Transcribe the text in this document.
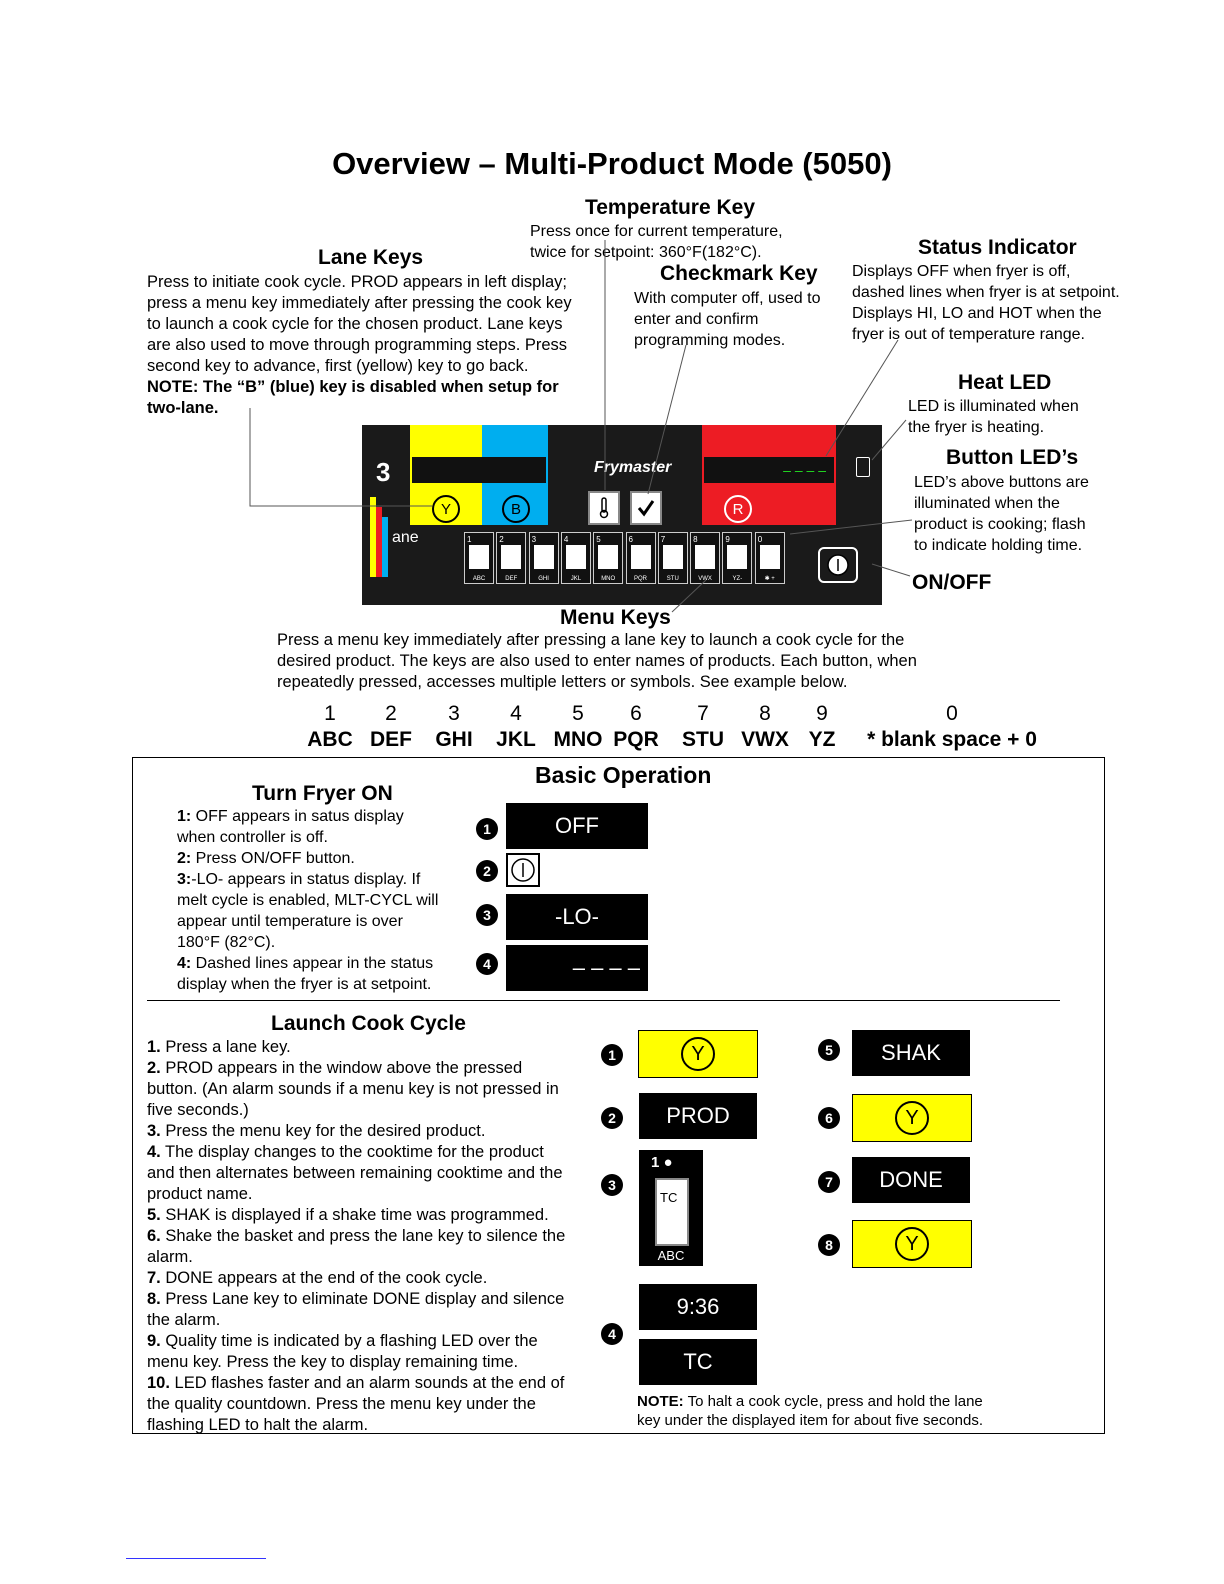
Overview – Multi-Product Mode (5050)
Temperature Key
Press once for current temperature,
twice for setpoint: 360°F(182°C).
Lane Keys
Press to initiate cook cycle. PROD appears in left display;
press a menu key immediately after pressing the cook key
to launch a cook cycle for the chosen product. Lane keys
are also used to move through programming steps. Press
second key to advance, first (yellow) key to go back.
NOTE: The “B” (blue) key is disabled when setup for
two-lane.
Checkmark Key
With computer off, used to
enter and confirm
programming modes.
Status Indicator
Displays OFF when fryer is off,
dashed lines when fryer is at setpoint.
Displays HI, LO and HOT when the
fryer is out of temperature range.
Heat LED
LED is illuminated when
the fryer is heating.
Button LED’s
LED’s above buttons are
illuminated when the
product is cooking; flash
to indicate holding time.
ON/OFF
– – – –
Frymaster
3
ane
Y	B	R
1
ABC
2
DEF
3
GHI
4
JKL
5
MNO
6
PQR
7
STU
8
VWX
9
YZ-
0
✱ +
Menu Keys
Press a menu key immediately after pressing a lane key to launch a cook cycle for the
desired product. The keys are also used to enter names of products. Each button, when
repeatedly pressed, accesses multiple letters or symbols. See example below.
1
ABC
2
DEF
3
GHI
4
JKL
5
MNO
6
PQR
7
STU
8
VWX
9
YZ
0
* blank space + 0
Basic Operation
Turn Fryer ON
1: OFF appears in satus display
when controller is off.
2: Press ON/OFF button.
3:-LO- appears in status display. If
melt cycle is enabled, MLT-CYCL will
appear until temperature is over
180°F (82°C).
4: Dashed lines appear in the status
display when the fryer is at setpoint.
1
2
3
4
OFF
-LO-
– – – –
Launch Cook Cycle
1. Press a lane key.
2. PROD appears in the window above the pressed
button. (An alarm sounds if a menu key is not pressed in
five seconds.)
3. Press the menu key for the desired product.
4. The display changes to the cooktime for the product
and then alternates between remaining cooktime and the
product name.
5. SHAK is displayed if a shake time was programmed.
6. Shake the basket and press the lane key to silence the
alarm.
7. DONE appears at the end of the cook cycle.
8. Press Lane key to eliminate DONE display and silence
the alarm.
9. Quality time is indicated by a flashing LED over the
menu key. Press the key to display remaining time.
10. LED flashes faster and an alarm sounds at the end of
the quality countdown. Press the menu key under the
flashing LED to halt the alarm.
1
2
3
4
5
6
7
8
Y
PROD
1 ●
TC
ABC
9:36
TC
SHAK
Y
DONE
Y
NOTE: To halt a cook cycle, press and hold the lane
key under the displayed item for about five seconds.
